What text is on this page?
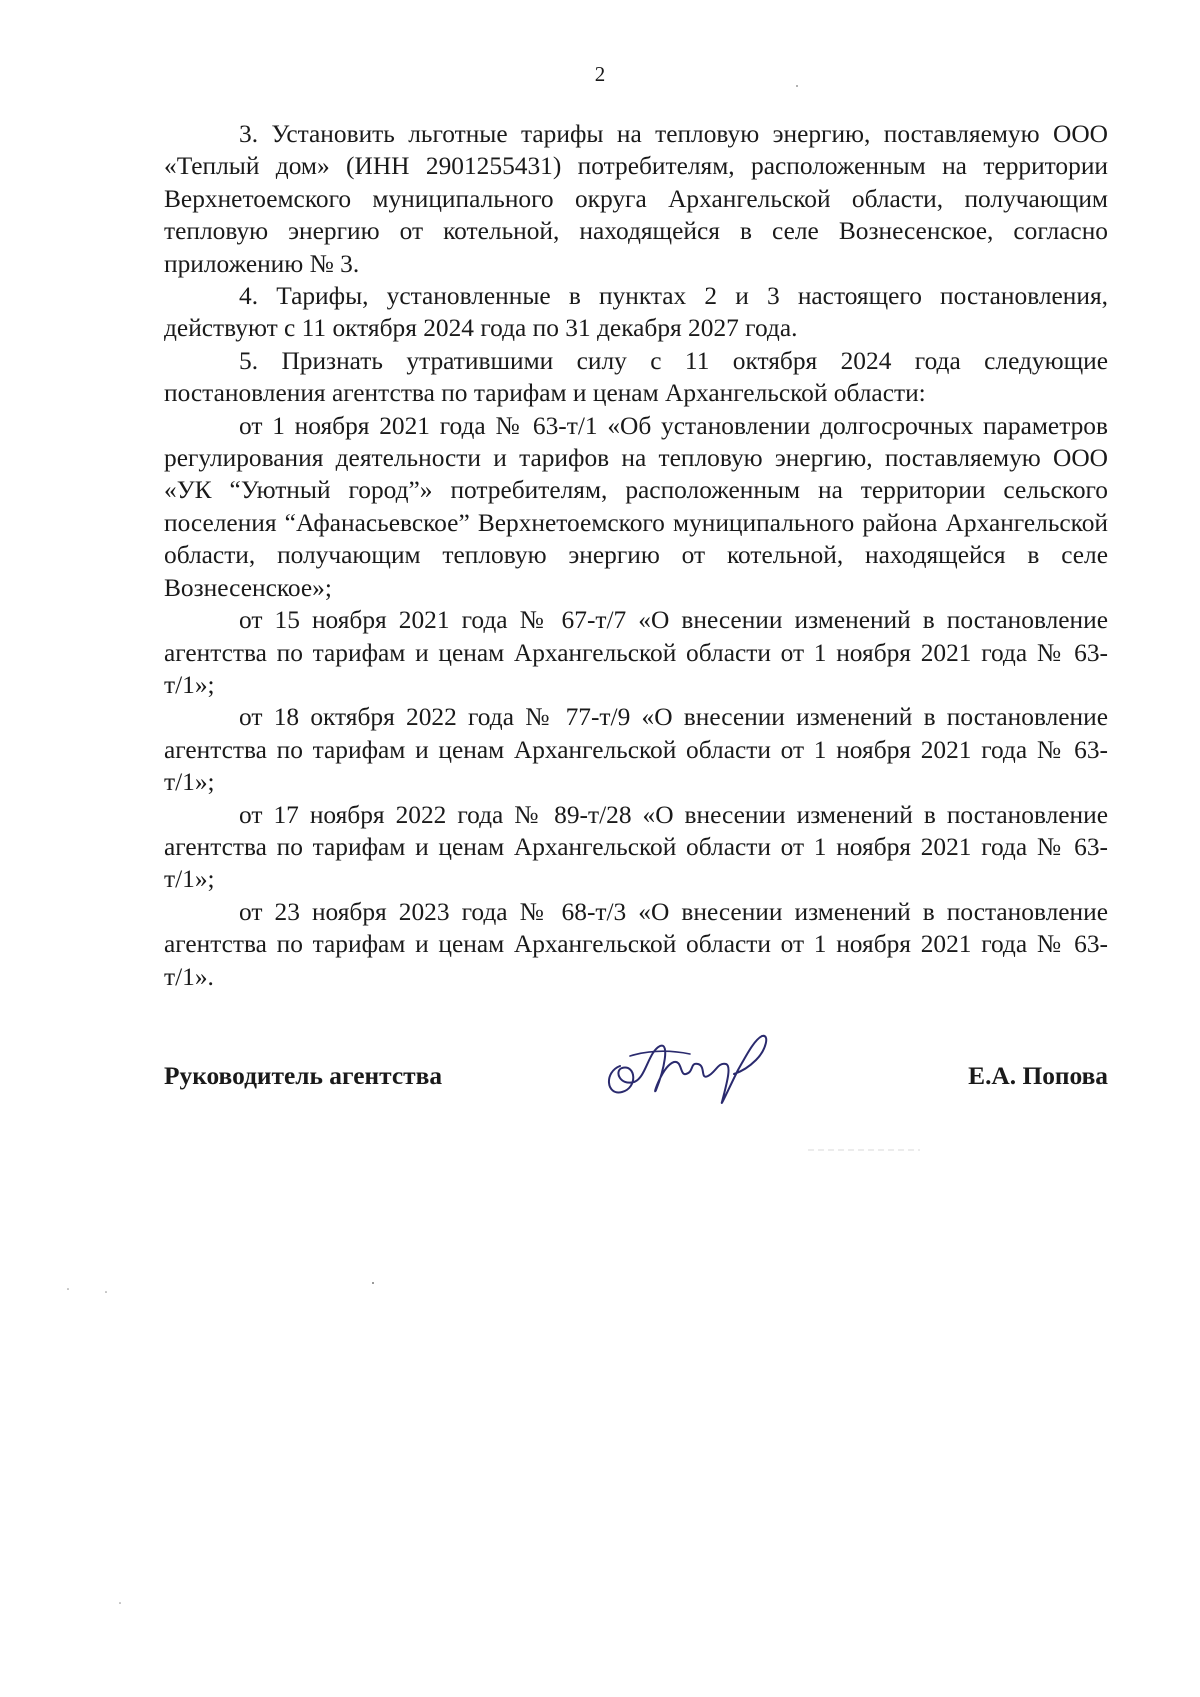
2

3. Установить льготные тарифы на тепловую энергию, поставляемую ООО «Теплый дом» (ИНН 2901255431) потребителям, расположенным на территории Верхнетоемского муниципального округа Архангельской области, получающим тепловую энергию от котельной, находящейся в селе Вознесенское, согласно приложению № 3.

4. Тарифы, установленные в пунктах 2 и 3 настоящего постановления, действуют с 11 октября 2024 года по 31 декабря 2027 года.

5. Признать утратившими силу с 11 октября 2024 года следующие постановления агентства по тарифам и ценам Архангельской области:

от 1 ноября 2021 года № 63-т/1 «Об установлении долгосрочных параметров регулирования деятельности и тарифов на тепловую энергию, поставляемую ООО «УК “Уютный город”» потребителям, расположенным на территории сельского поселения “Афанасьевское” Верхнетоемского муниципального района Архангельской области, получающим тепловую энергию от котельной, находящейся в селе Вознесенское»;

от 15 ноября 2021 года № 67-т/7 «О внесении изменений в постановление агентства по тарифам и ценам Архангельской области от 1 ноября 2021 года № 63-т/1»;

от 18 октября 2022 года № 77-т/9 «О внесении изменений в постановление агентства по тарифам и ценам Архангельской области от 1 ноября 2021 года № 63-т/1»;

от 17 ноября 2022 года № 89-т/28 «О внесении изменений в постановление агентства по тарифам и ценам Архангельской области от 1 ноября 2021 года № 63-т/1»;

от 23 ноября 2023 года № 68-т/3 «О внесении изменений в постановление агентства по тарифам и ценам Архангельской области от 1 ноября 2021 года № 63-т/1».

Руководитель агентства	Е.А. Попова
